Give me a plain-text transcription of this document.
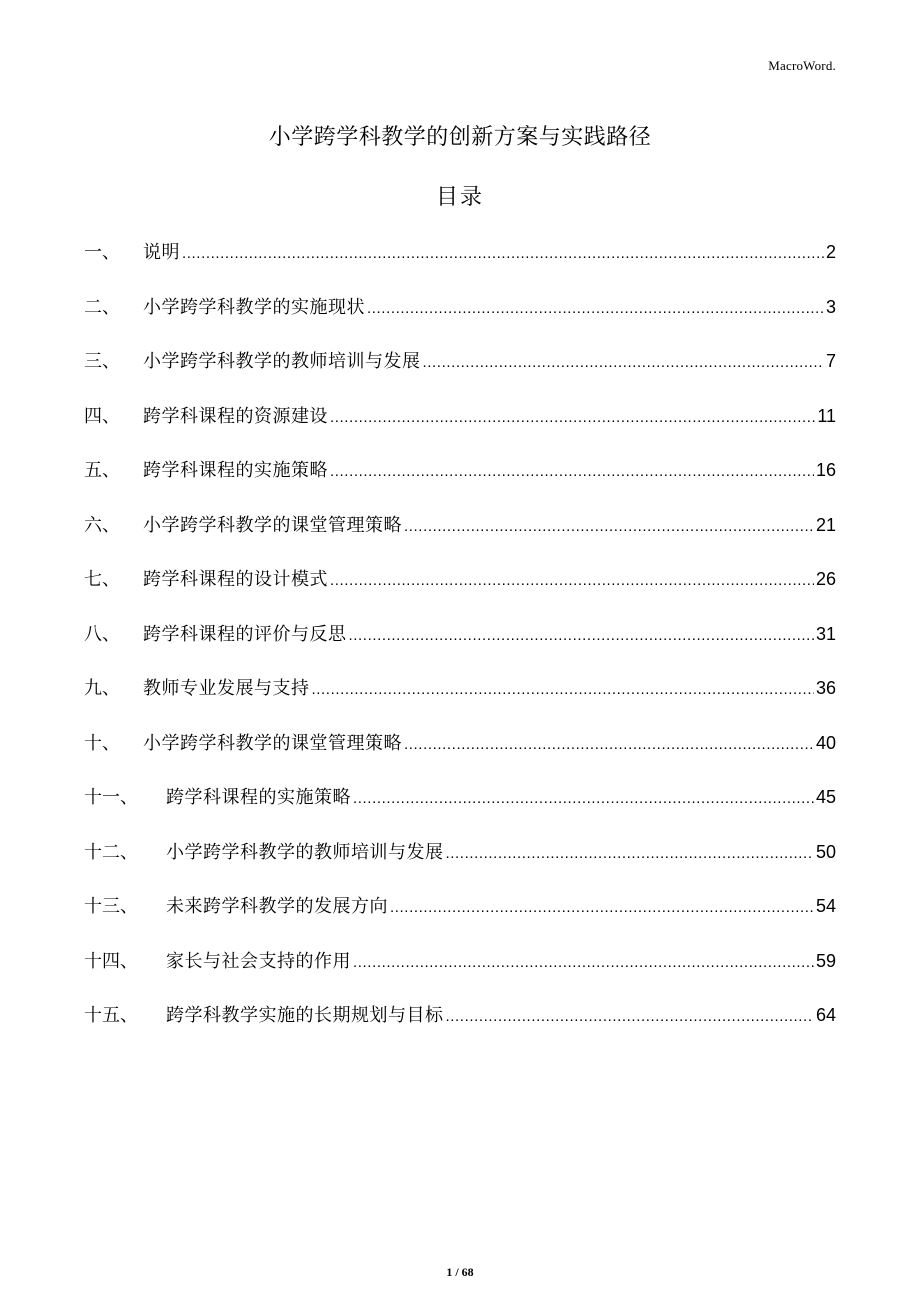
MacroWord.
小学跨学科教学的创新方案与实践路径
目录
一、	说明 .....	2
二、	小学跨学科教学的实施现状 .....	3
三、	小学跨学科教学的教师培训与发展 .....	7
四、	跨学科课程的资源建设 .....	11
五、	跨学科课程的实施策略 .....	16
六、	小学跨学科教学的课堂管理策略 .....	21
七、	跨学科课程的设计模式 .....	26
八、	跨学科课程的评价与反思 .....	31
九、	教师专业发展与支持 .....	36
十、	小学跨学科教学的课堂管理策略 .....	40
十一、	跨学科课程的实施策略 .....	45
十二、	小学跨学科教学的教师培训与发展 .....	50
十三、	未来跨学科教学的发展方向 .....	54
十四、	家长与社会支持的作用 .....	59
十五、	跨学科教学实施的长期规划与目标 .....	64
1 / 68
